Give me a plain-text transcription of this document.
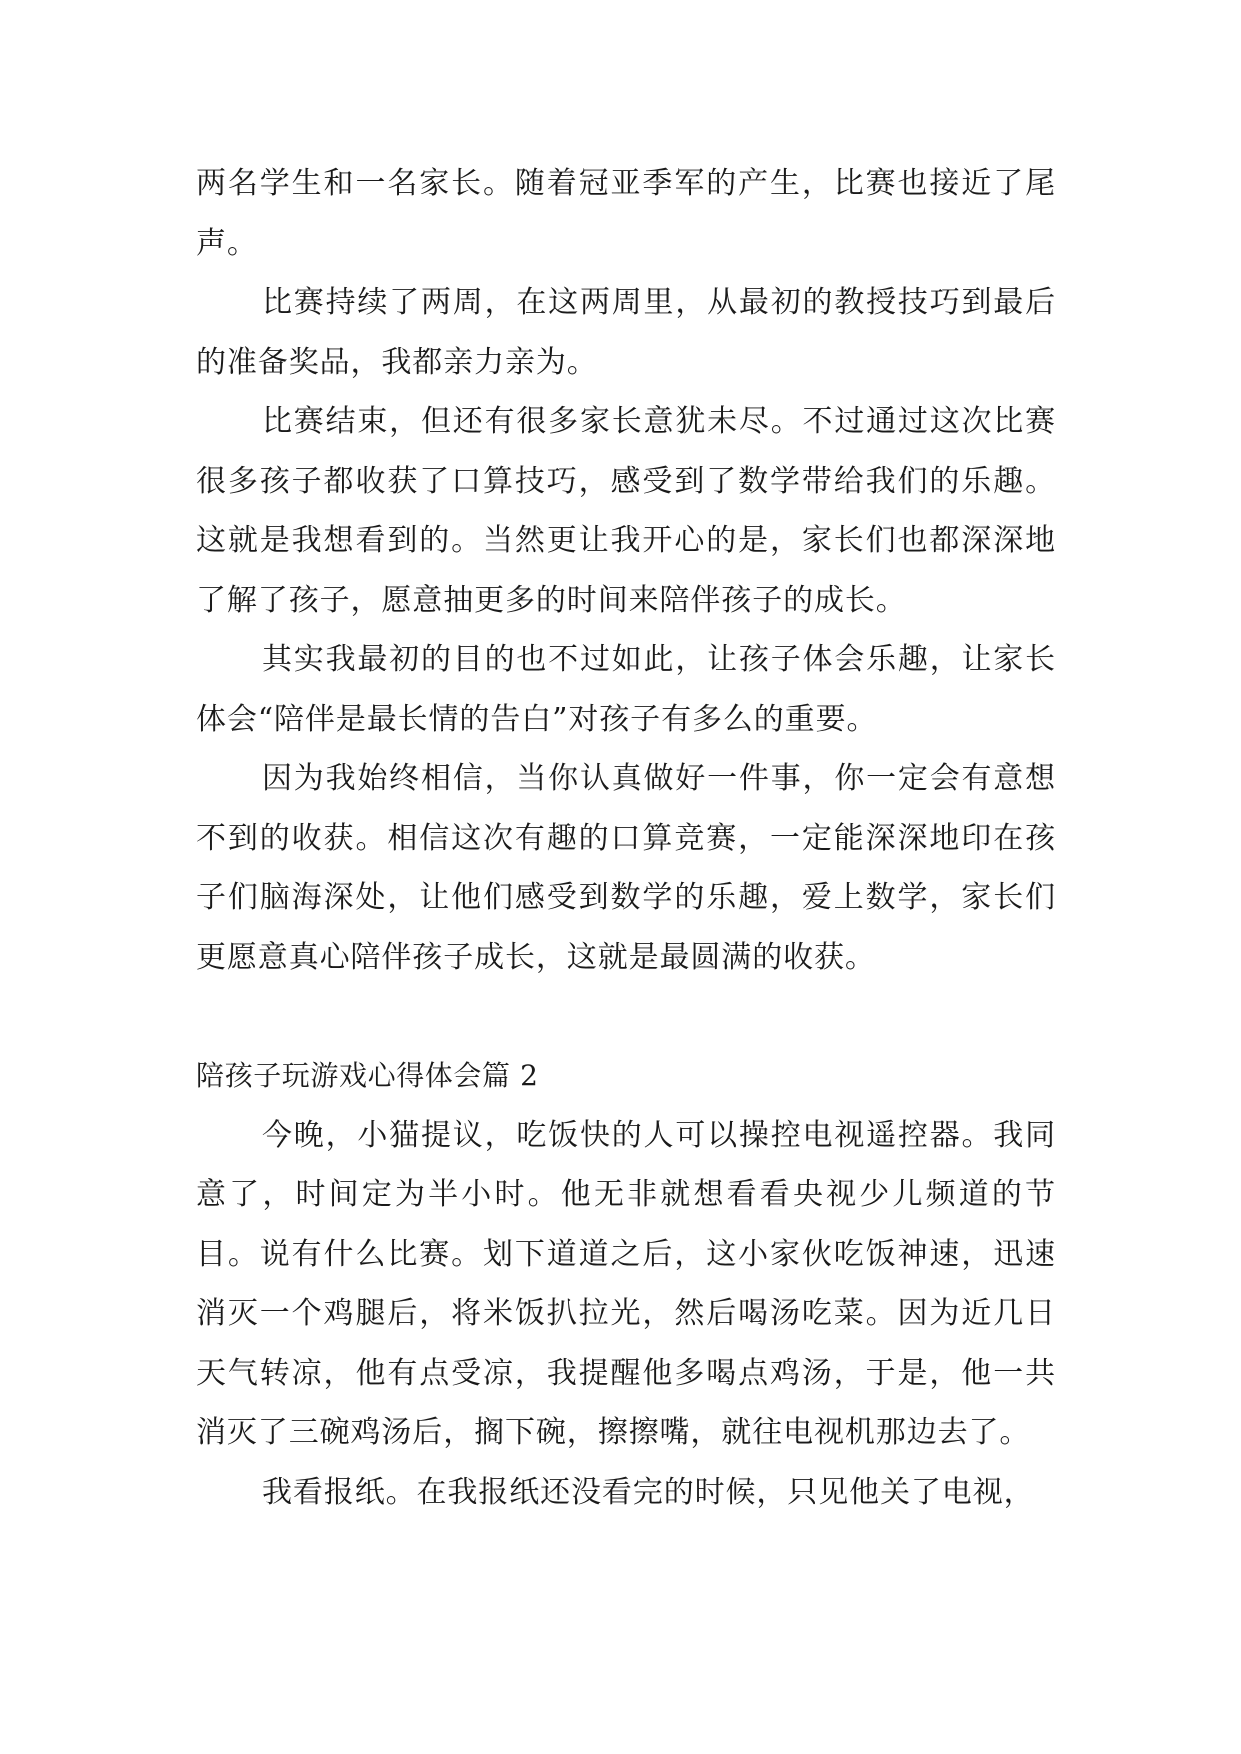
两名学生和一名家长。随着冠亚季军的产生，比赛也接近了尾声。

比赛持续了两周，在这两周里，从最初的教授技巧到最后的准备奖品，我都亲力亲为。

比赛结束，但还有很多家长意犹未尽。不过通过这次比赛很多孩子都收获了口算技巧，感受到了数学带给我们的乐趣。这就是我想看到的。当然更让我开心的是，家长们也都深深地了解了孩子，愿意抽更多的时间来陪伴孩子的成长。

其实我最初的目的也不过如此，让孩子体会乐趣，让家长体会“陪伴是最长情的告白”对孩子有多么的重要。

因为我始终相信，当你认真做好一件事，你一定会有意想不到的收获。相信这次有趣的口算竞赛，一定能深深地印在孩子们脑海深处，让他们感受到数学的乐趣，爱上数学，家长们更愿意真心陪伴孩子成长，这就是最圆满的收获。

陪孩子玩游戏心得体会篇 2

今晚，小猫提议，吃饭快的人可以操控电视遥控器。我同意了，时间定为半小时。他无非就想看看央视少儿频道的节目。说有什么比赛。划下道道之后，这小家伙吃饭神速，迅速消灭一个鸡腿后，将米饭扒拉光，然后喝汤吃菜。因为近几日天气转凉，他有点受凉，我提醒他多喝点鸡汤，于是，他一共消灭了三碗鸡汤后，搁下碗，擦擦嘴，就往电视机那边去了。

我看报纸。在我报纸还没看完的时候，只见他关了电视，
